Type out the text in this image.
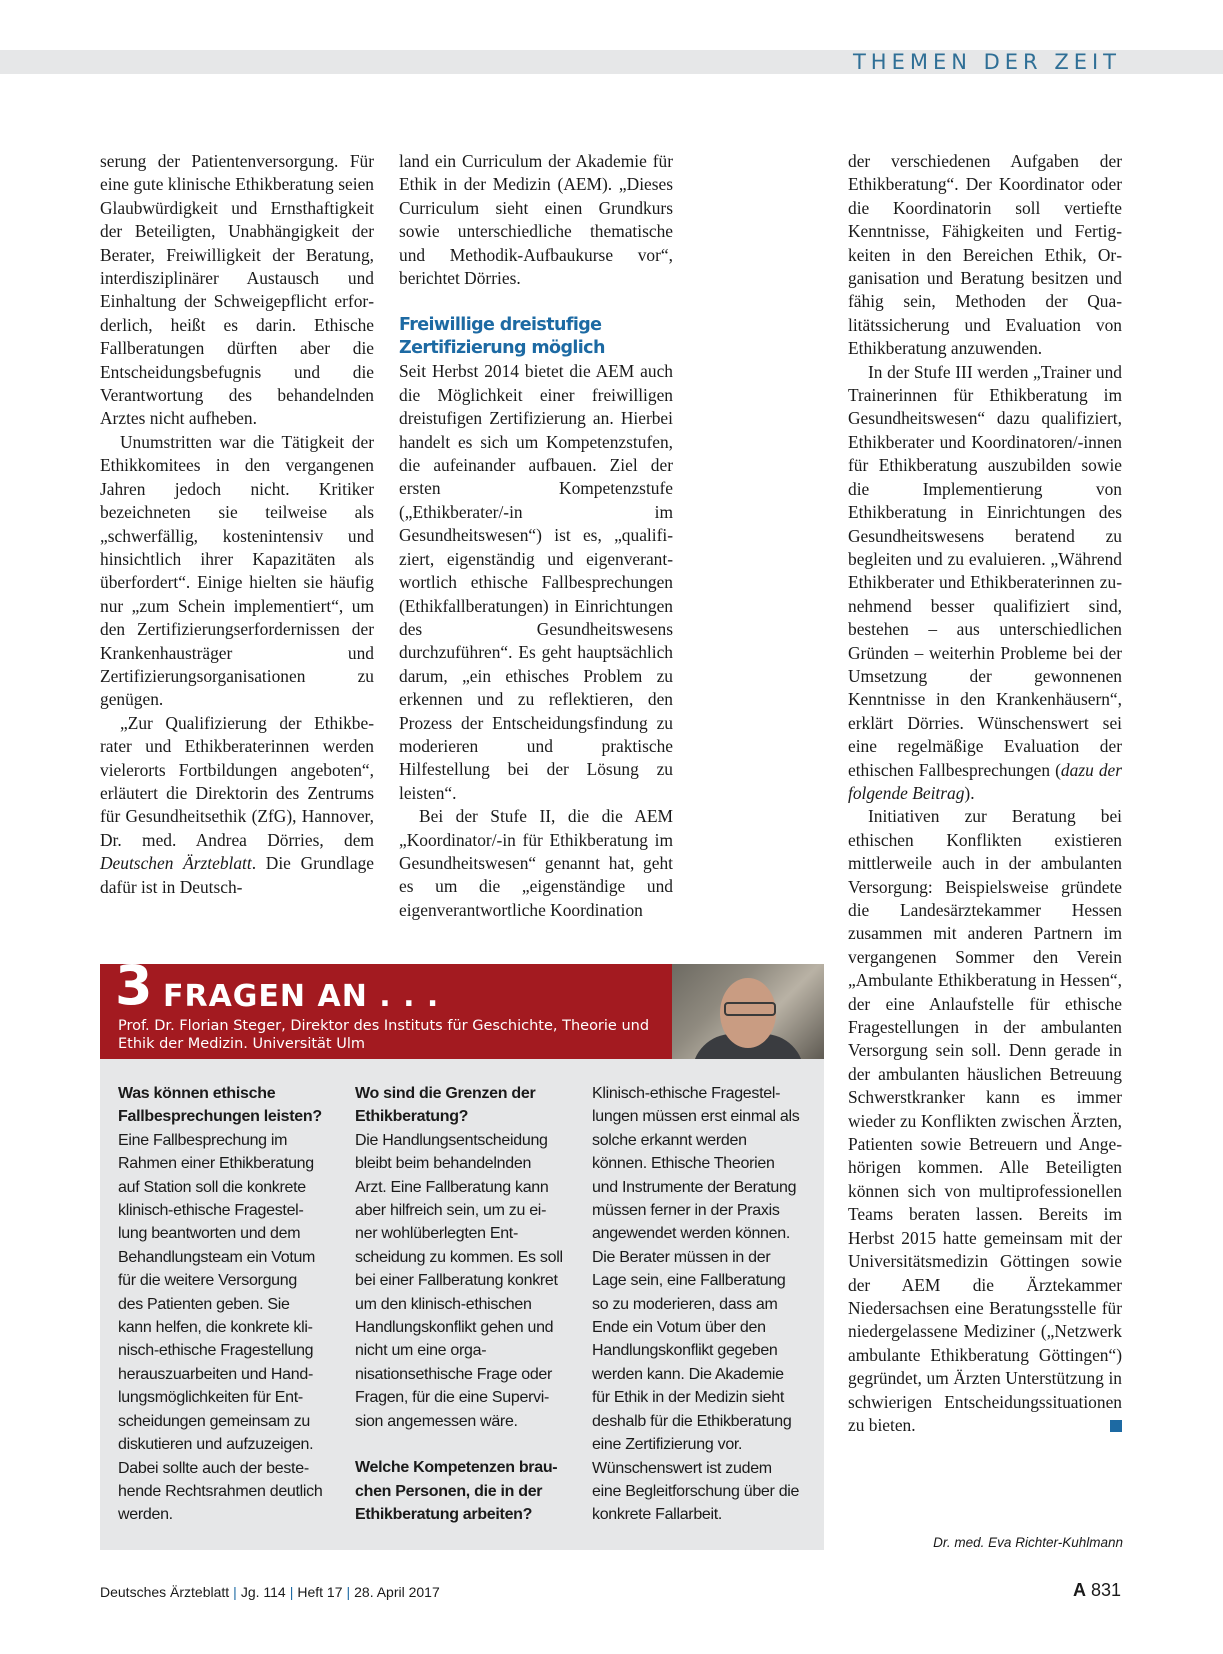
THEMEN DER ZEIT

serung der Patientenversorgung. Für eine gute klinische Ethikberatung seien Glaubwürdigkeit und Ernsthaftigkeit der Beteiligten, Unabhängigkeit der Berater, Freiwilligkeit der Beratung, interdisziplinärer Austausch und Einhaltung der Schweigepflicht erforderlich, heißt es darin. Ethische Fallberatungen dürften aber die Entscheidungsbefugnis und die Verantwortung des behandelnden Arztes nicht aufheben.

Unumstritten war die Tätigkeit der Ethikkomitees in den vergangenen Jahren jedoch nicht. Kritiker bezeichneten sie teilweise als „schwerfällig, kostenintensiv und hinsichtlich ihrer Kapazitäten als überfordert“. Einige hielten sie häufig nur „zum Schein implementiert“, um den Zertifizierungserfordernissen der Krankenhausträger und Zertifizierungsorganisationen zu genügen.

„Zur Qualifizierung der Ethikberater und Ethikberaterinnen werden vielerorts Fortbildungen angeboten“, erläutert die Direktorin des Zentrums für Gesundheitsethik (ZfG), Hannover, Dr. med. Andrea Dörries, dem Deutschen Ärzteblatt. Die Grundlage dafür ist in Deutsch-

land ein Curriculum der Akademie für Ethik in der Medizin (AEM). „Dieses Curriculum sieht einen Grundkurs sowie unterschiedliche thematische und Methodik-Aufbaukurse vor“, berichtet Dörries.

Freiwillige dreistufige
Zertifizierung möglich

Seit Herbst 2014 bietet die AEM auch die Möglichkeit einer freiwilligen dreistufigen Zertifizierung an. Hierbei handelt es sich um Kompetenzstufen, die aufeinander aufbauen. Ziel der ersten Kompetenzstufe („Ethikberater/-in im Gesundheitswesen“) ist es, „qualifiziert, eigenständig und eigenverantwortlich ethische Fallbesprechungen (Ethikfallberatungen) in Einrichtungen des Gesundheitswesens durchzuführen“. Es geht hauptsächlich darum, „ein ethisches Problem zu erkennen und zu reflektieren, den Prozess der Entscheidungsfindung zu moderieren und praktische Hilfestellung bei der Lösung zu leisten“.

Bei der Stufe II, die die AEM „Koordinator/-in für Ethikberatung im Gesundheitswesen“ genannt hat, geht es um die „eigenständige und eigenverantwortliche Koordination

der verschiedenen Aufgaben der Ethikberatung“. Der Koordinator oder die Koordinatorin soll vertiefte Kenntnisse, Fähigkeiten und Fertigkeiten in den Bereichen Ethik, Organisation und Beratung besitzen und fähig sein, Methoden der Qualitätssicherung und Evaluation von Ethikberatung anzuwenden.

In der Stufe III werden „Trainer und Trainerinnen für Ethikberatung im Gesundheitswesen“ dazu qualifiziert, Ethikberater und Koordinatoren/-innen für Ethikberatung auszubilden sowie die Implementierung von Ethikberatung in Einrichtungen des Gesundheitswesens beratend zu begleiten und zu evaluieren. „Während Ethikberater und Ethikberaterinnen zunehmend besser qualifiziert sind, bestehen – aus unterschiedlichen Gründen – weiterhin Probleme bei der Umsetzung der gewonnenen Kenntnisse in den Krankenhäusern“, erklärt Dörries. Wünschenswert sei eine regelmäßige Evaluation der ethischen Fallbesprechungen (dazu der folgende Beitrag).

Initiativen zur Beratung bei ethischen Konflikten existieren mittlerweile auch in der ambulanten Versorgung: Beispielsweise gründete die Landesärztekammer Hessen zusammen mit anderen Partnern im vergangenen Sommer den Verein „Ambulante Ethikberatung in Hessen“, der eine Anlaufstelle für ethische Fragestellungen in der ambulanten Versorgung sein soll. Denn gerade in der ambulanten häuslichen Betreuung Schwerstkranker kann es immer wieder zu Konflikten zwischen Ärzten, Patienten sowie Betreuern und Angehörigen kommen. Alle Beteiligten können sich von multiprofessionellen Teams beraten lassen. Bereits im Herbst 2015 hatte gemeinsam mit der Universitätsmedizin Göttingen sowie der AEM die Ärztekammer Niedersachsen eine Beratungsstelle für niedergelassene Mediziner („Netzwerk ambulante Ethikberatung Göttingen“) gegründet, um Ärzten Unterstützung in schwierigen Entscheidungssituationen zu bieten.

Dr. med. Eva Richter-Kuhlmann
3 FRAGEN AN . . .
Prof. Dr. Florian Steger, Direktor des Instituts für Geschichte, Theorie und Ethik der Medizin. Universität Ulm

Was können ethische Fallbesprechungen leisten?

Eine Fallbesprechung im Rahmen einer Ethikberatung auf Station soll die konkrete klinisch-ethische Fragestellung beantworten und dem Behandlungsteam ein Votum für die weitere Versorgung des Patienten geben. Sie kann helfen, die konkrete klinisch-ethische Fragestellung herauszuarbeiten und Handlungsmöglichkeiten für Entscheidungen gemeinsam zu diskutieren und aufzuzeigen. Dabei sollte auch der bestehende Rechtsrahmen deutlich werden.

Wo sind die Grenzen der Ethikberatung?

Die Handlungsentscheidung bleibt beim behandelnden Arzt. Eine Fallberatung kann aber hilfreich sein, um zu einer wohlüberlegten Entscheidung zu kommen. Es soll bei einer Fallberatung konkret um den klinisch-ethischen Handlungskonflikt gehen und nicht um eine organisationsethische Frage oder Fragen, für die eine Supervision angemessen wäre.

Welche Kompetenzen brauchen Personen, die in der Ethikberatung arbeiten?

Klinisch-ethische Fragestellungen müssen erst einmal als solche erkannt werden können. Ethische Theorien und Instrumente der Beratung müssen ferner in der Praxis angewendet werden können. Die Berater müssen in der Lage sein, eine Fallberatung so zu moderieren, dass am Ende ein Votum über den Handlungskonflikt gegeben werden kann. Die Akademie für Ethik in der Medizin sieht deshalb für die Ethikberatung eine Zertifizierung vor. Wünschenswert ist zudem eine Begleitforschung über die konkrete Fallarbeit.

Deutsches Ärzteblatt | Jg. 114 | Heft 17 | 28. April 2017	A 831
